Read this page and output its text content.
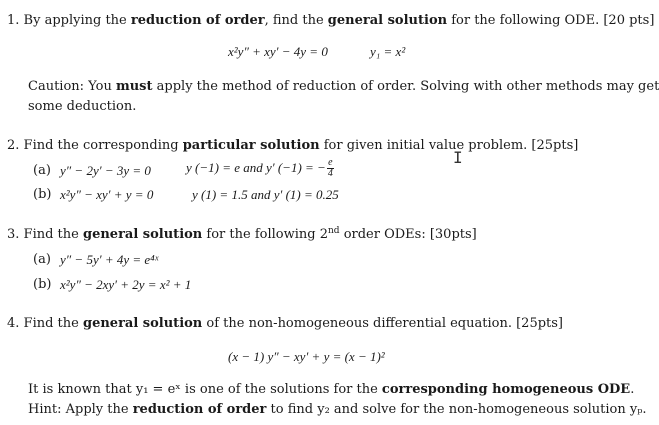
1. By applying the reduction of order, find the general solution for the following ODE. [20 pts]
x²y″ + xy′ − 4y = 0	y₁ = x²
Caution: You must apply the method of reduction of order. Solving with other methods may get
some deduction.
2. Find the corresponding particular solution for given initial value problem. [25pts]
I
(a) y″ − 2y′ − 3y = 0	y (−1) = e and y′ (−1) = − $\frac{e}{4}$
(b) x²y″ − xy′ + y = 0	y (1) = 1.5 and y′ (1) = 0.25
3. Find the general solution for the following 2nd order ODEs: [30pts]
(a) y″ − 5y′ + 4y = e⁴ˣ
(b) x²y″ − 2xy′ + 2y = x² + 1
4. Find the general solution of the non-homogeneous differential equation. [25pts]
(x − 1) y″ − xy′ + y = (x − 1)²
It is known that y₁ = eˣ is one of the solutions for the corresponding homogeneous ODE.
Hint: Apply the reduction of order to find y₂ and solve for the non-homogeneous solution yₚ.
